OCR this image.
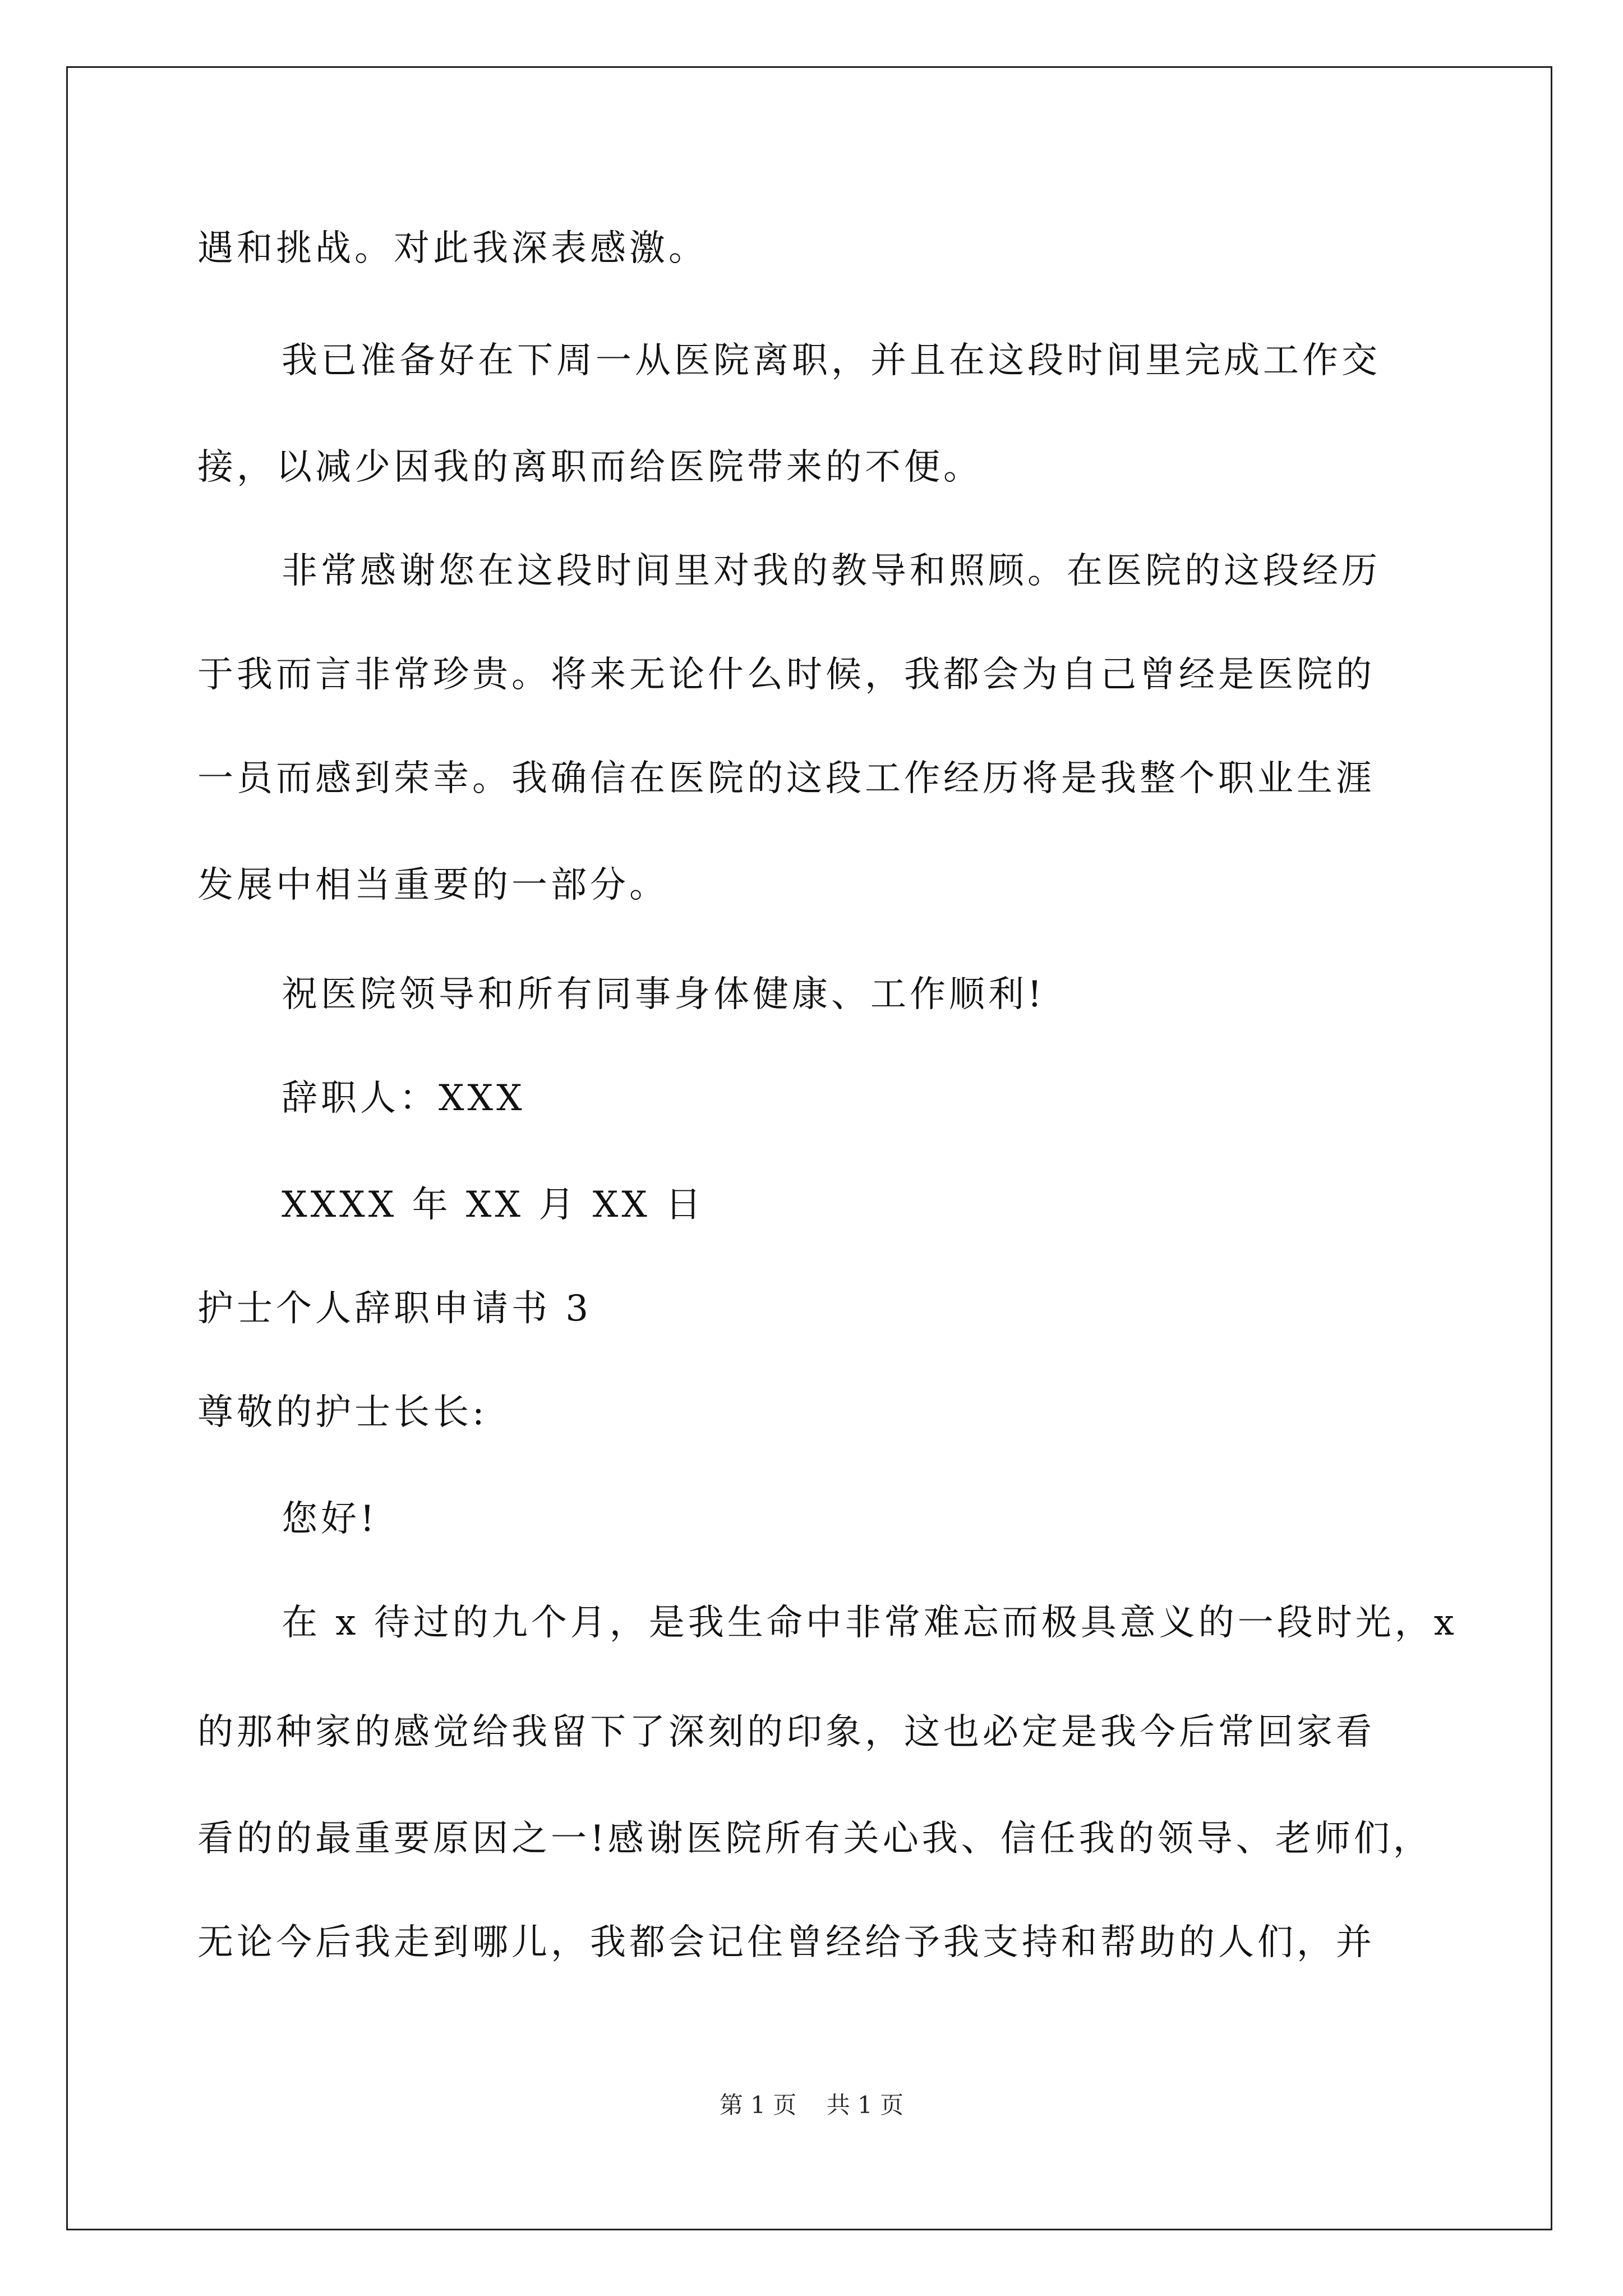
遇和挑战。对此我深表感激。
我已准备好在下周一从医院离职，并且在这段时间里完成工作交
接，以减少因我的离职而给医院带来的不便。
非常感谢您在这段时间里对我的教导和照顾。在医院的这段经历
于我而言非常珍贵。将来无论什么时候，我都会为自己曾经是医院的
一员而感到荣幸。我确信在医院的这段工作经历将是我整个职业生涯
发展中相当重要的一部分。
祝医院领导和所有同事身体健康、工作顺利!
辞职人：XXX
XXXX 年 XX 月 XX 日
护士个人辞职申请书 3
尊敬的护士长长:
您好!
在 x 待过的九个月，是我生命中非常难忘而极具意义的一段时光，x
的那种家的感觉给我留下了深刻的印象，这也必定是我今后常回家看
看的的最重要原因之一!感谢医院所有关心我、信任我的领导、老师们，
无论今后我走到哪儿，我都会记住曾经给予我支持和帮助的人们，并
第 1 页    共 1 页
